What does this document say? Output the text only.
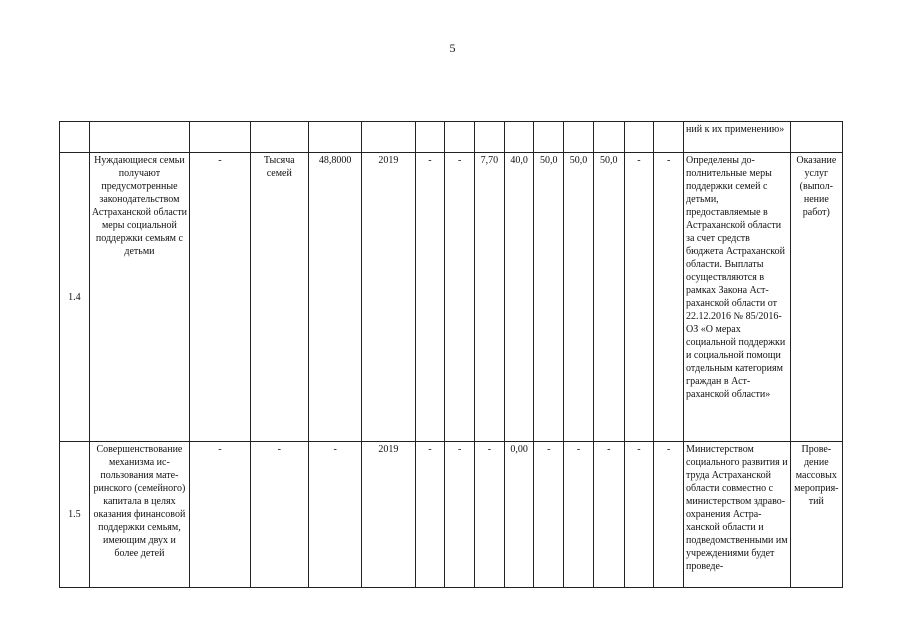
5
															ний к их применению»	
1.4	Нуждающиеся семьи получают предусмотренные законодательством Астраханской области меры социальной поддержки семьям с детьми	-	Тысяча семей	48,8000	2019	-	-	7,70	40,0	50,0	50,0	50,0	-	-	Определены дополнительные меры поддержки семей с детьми, предоставляемые в Астраханской области за счет средств бюджета Астраханской области. Выплаты осуществляются в рамках Закона Астраханской области от 22.12.2016 № 85/2016-ОЗ «О мерах социальной поддержки и социальной помощи отдельным категориям граждан в Астраханской области»	Оказание услуг (выполнение работ)
1.5	Совершенствование механизма использования материнского (семейного) капитала в целях оказания финансовой поддержки семьям, имеющим двух и более детей	-	-	-	2019	-	-	-	0,00	-	-	-	-	-	Министерством социального развития и труда Астраханской области совместно с министерством здравоохранения Астраханской области и подведомственными им учреждениями будет проведе-	Проведение массовых мероприятий
